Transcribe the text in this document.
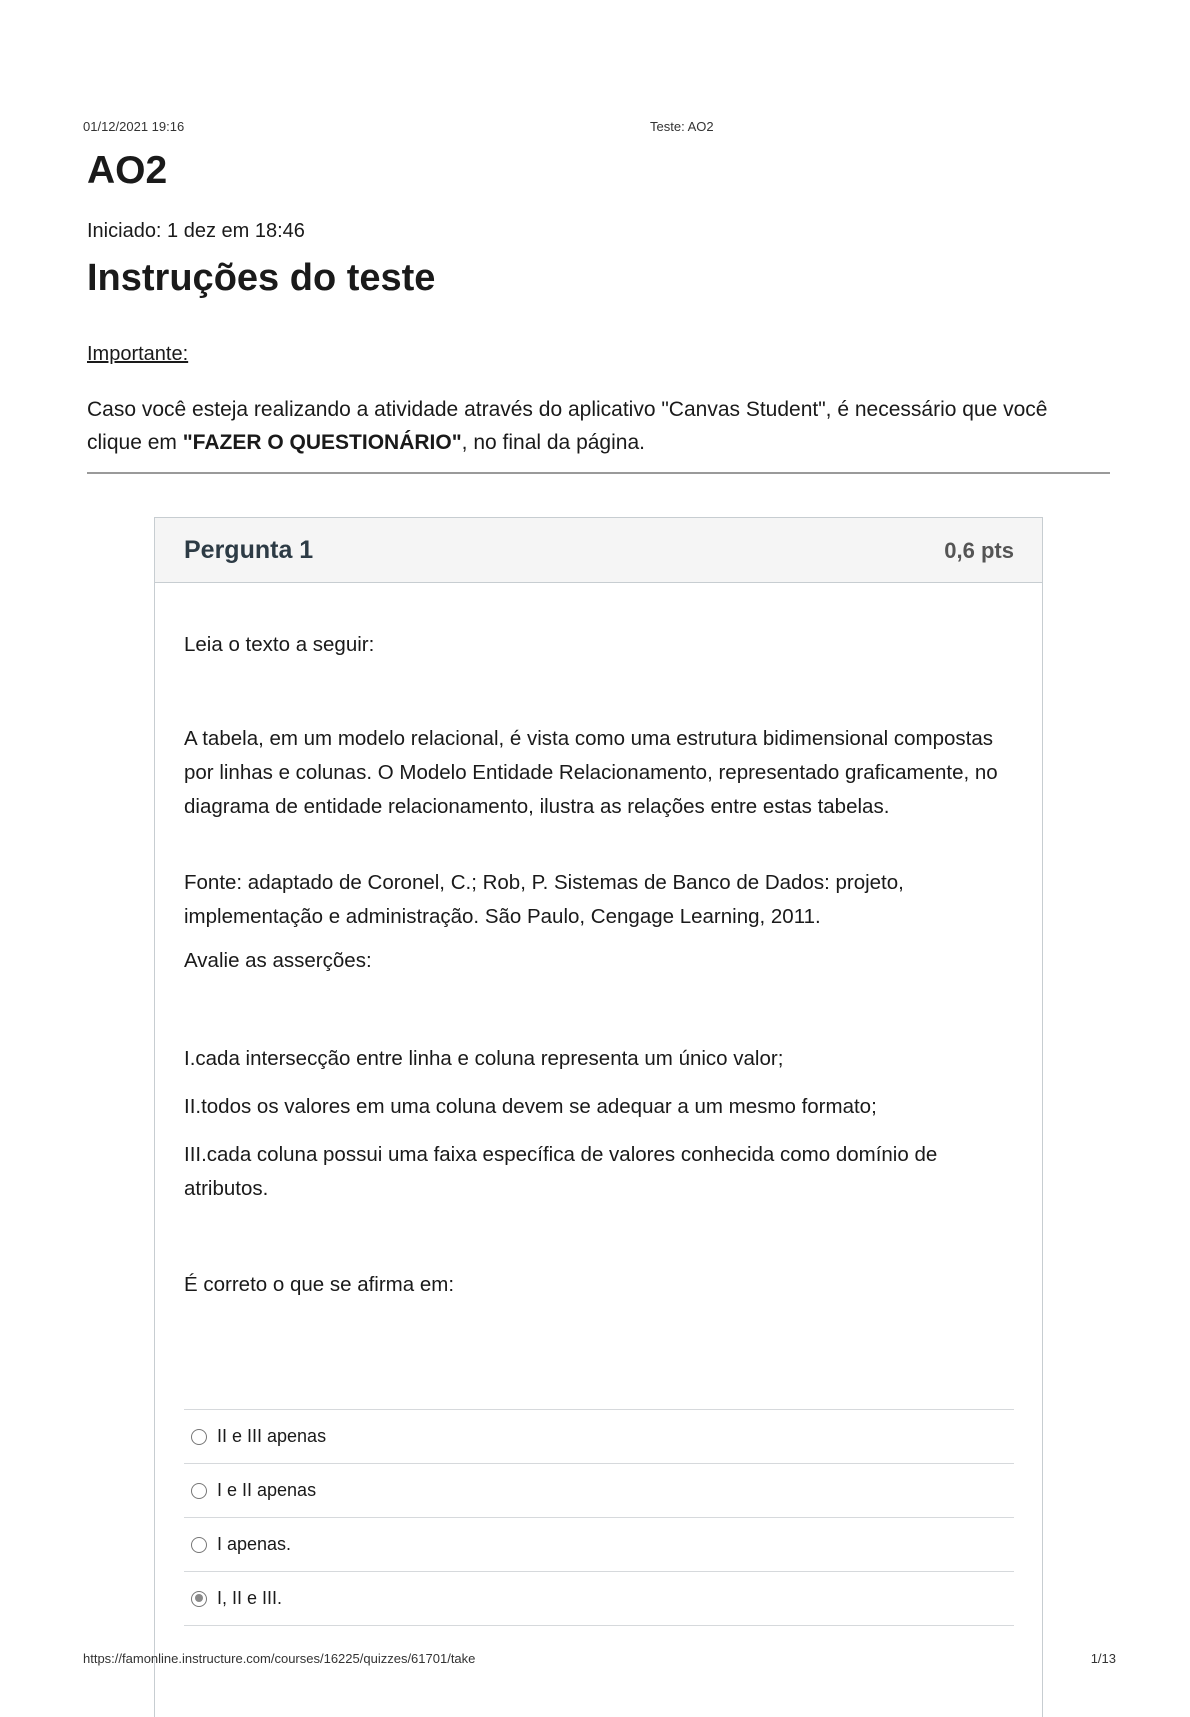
01/12/2021 19:16	Teste: AO2
AO2
Iniciado: 1 dez em 18:46
Instruções do teste
Importante:
Caso você esteja realizando a atividade através do aplicativo "Canvas Student", é necessário que você clique em "FAZER O QUESTIONÁRIO", no final da página.
Pergunta 1	0,6 pts

Leia o texto a seguir:

A tabela, em um modelo relacional, é vista como uma estrutura bidimensional compostas por linhas e colunas. O Modelo Entidade Relacionamento, representado graficamente, no diagrama de entidade relacionamento, ilustra as relações entre estas tabelas.

Fonte: adaptado de Coronel, C.; Rob, P. Sistemas de Banco de Dados: projeto, implementação e administração. São Paulo, Cengage Learning, 2011.

Avalie as asserções:

I.cada intersecção entre linha e coluna representa um único valor;

II.todos os valores em uma coluna devem se adequar a um mesmo formato;

III.cada coluna possui uma faixa específica de valores conhecida como domínio de atributos.

É correto o que se afirma em:

II e III apenas
I e II apenas
I apenas.
I, II e III.
https://famonline.instructure.com/courses/16225/quizzes/61701/take	1/13
